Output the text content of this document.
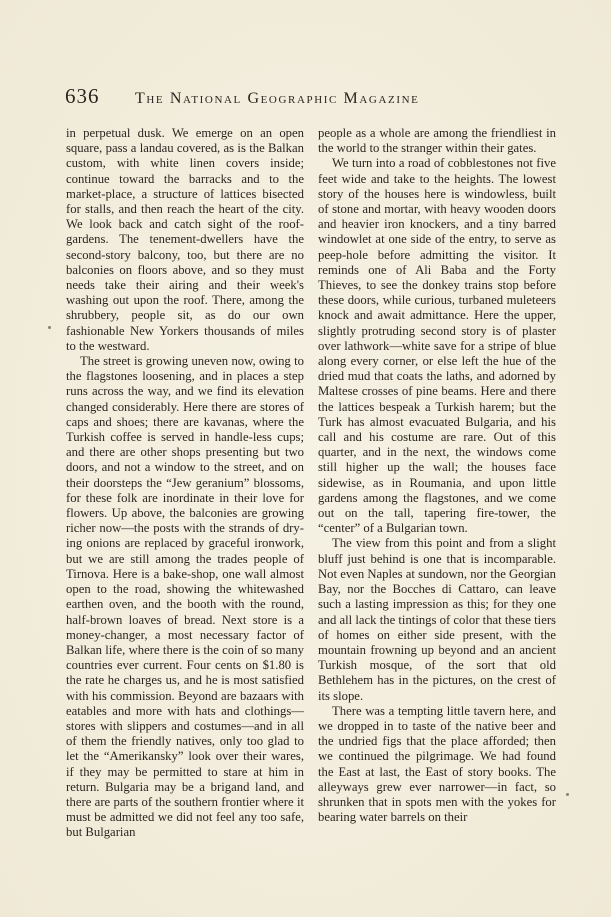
636	The National Geographic Magazine

in perpetual dusk. We emerge on an open square, pass a landau covered, as is the Balkan custom, with white linen covers inside; continue toward the barracks and to the market-place, a structure of lattices bisected for stalls, and then reach the heart of the city. We look back and catch sight of the roof-gardens. The tenement-dwellers have the second-story balcony, too, but there are no balconies on floors above, and so they must needs take their airing and their week's washing out upon the roof. There, among the shrubbery, people sit, as do our own fashionable New Yorkers thousands of miles to the westward.

The street is growing uneven now, owing to the flagstones loosening, and in places a step runs across the way, and we find its elevation changed considerably. Here there are stores of caps and shoes; there are kavanas, where the Turkish coffee is served in handle-less cups; and there are other shops presenting but two doors, and not a window to the street, and on their doorsteps the “Jew geranium” blossoms, for these folk are inordinate in their love for flowers. Up above, the balconies are growing richer now—the posts with the strands of drying onions are replaced by graceful ironwork, but we are still among the trades people of Tirnova. Here is a bake-shop, one wall almost open to the road, showing the whitewashed earthen oven, and the booth with the round, half-brown loaves of bread. Next store is a money-changer, a most necessary factor of Balkan life, where there is the coin of so many countries ever current. Four cents on $1.80 is the rate he charges us, and he is most satisfied with his commission. Beyond are bazaars with eatables and more with hats and clothings—stores with slippers and costumes—and in all of them the friendly natives, only too glad to let the “Amerikansky” look over their wares, if they may be permitted to stare at him in return. Bulgaria may be a brigand land, and there are parts of the southern frontier where it must be admitted we did not feel any too safe, but Bulgarian

people as a whole are among the friendliest in the world to the stranger within their gates.

We turn into a road of cobblestones not five feet wide and take to the heights. The lowest story of the houses here is windowless, built of stone and mortar, with heavy wooden doors and heavier iron knockers, and a tiny barred windowlet at one side of the entry, to serve as peep-hole before admitting the visitor. It reminds one of Ali Baba and the Forty Thieves, to see the donkey trains stop before these doors, while curious, turbaned muleteers knock and await admittance. Here the upper, slightly protruding second story is of plaster over lathwork—white save for a stripe of blue along every corner, or else left the hue of the dried mud that coats the laths, and adorned by Maltese crosses of pine beams. Here and there the lattices bespeak a Turkish harem; but the Turk has almost evacuated Bulgaria, and his call and his costume are rare. Out of this quarter, and in the next, the windows come still higher up the wall; the houses face sidewise, as in Roumania, and upon little gardens among the flagstones, and we come out on the tall, tapering fire-tower, the “center” of a Bulgarian town.

The view from this point and from a slight bluff just behind is one that is incomparable. Not even Naples at sundown, nor the Georgian Bay, nor the Bocches di Cattaro, can leave such a lasting impression as this; for they one and all lack the tintings of color that these tiers of homes on either side present, with the mountain frowning up beyond and an ancient Turkish mosque, of the sort that old Bethlehem has in the pictures, on the crest of its slope.

There was a tempting little tavern here, and we dropped in to taste of the native beer and the undried figs that the place afforded; then we continued the pilgrimage. We had found the East at last, the East of story books. The alleyways grew ever narrower—in fact, so shrunken that in spots men with the yokes for bearing water barrels on their
